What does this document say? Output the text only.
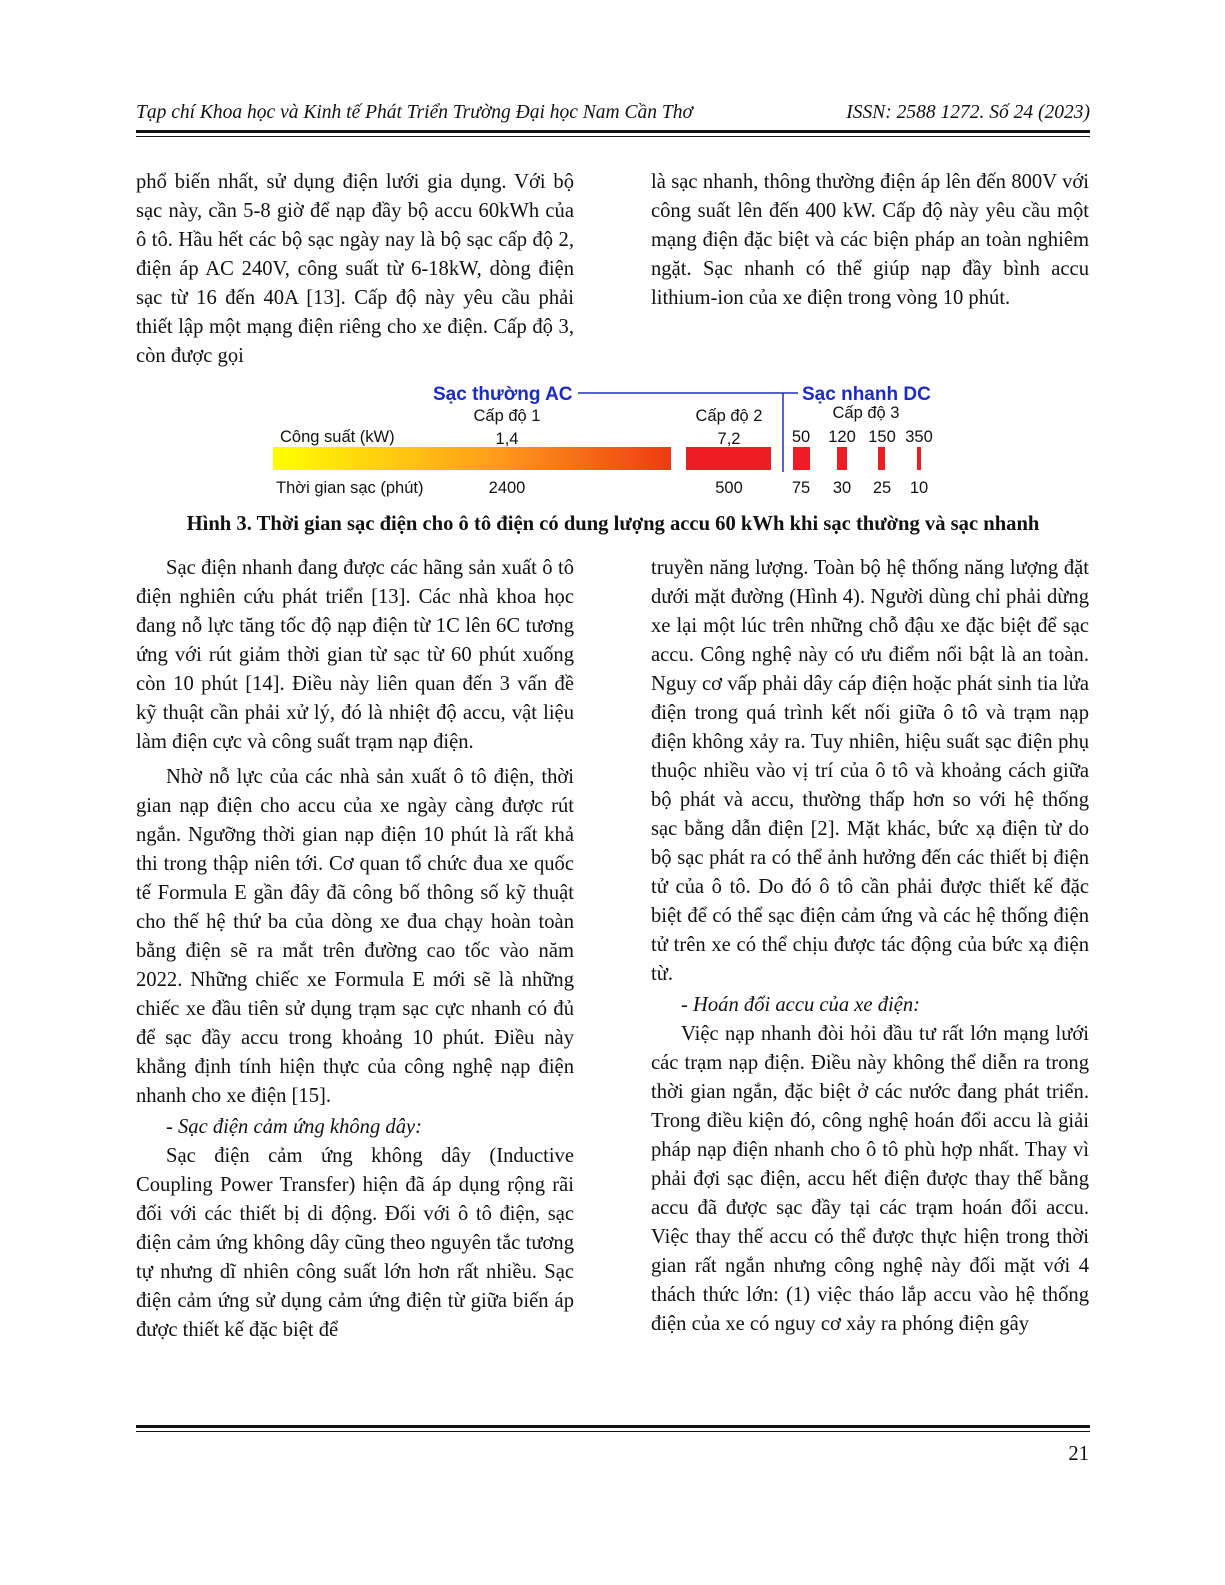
Tạp chí Khoa học và Kinh tế Phát Triển Trường Đại học Nam Cần Thơ	ISSN: 2588 1272. Số 24 (2023)

phổ biến nhất, sử dụng điện lưới gia dụng. Với bộ sạc này, cần 5-8 giờ để nạp đầy bộ accu 60kWh của ô tô. Hầu hết các bộ sạc ngày nay là bộ sạc cấp độ 2, điện áp AC 240V, công suất từ 6-18kW, dòng điện sạc từ 16 đến 40A [13]. Cấp độ này yêu cầu phải thiết lập một mạng điện riêng cho xe điện. Cấp độ 3, còn được gọi

là sạc nhanh, thông thường điện áp lên đến 800V với công suất lên đến 400 kW. Cấp độ này yêu cầu một mạng điện đặc biệt và các biện pháp an toàn nghiêm ngặt. Sạc nhanh có thể giúp nạp đầy bình accu lithium-ion của xe điện trong vòng 10 phút.

Sạc thường AC	Sạc nhanh DC
Công suất (kW)
Thời gian sạc (phút)
Cấp độ 1	Cấp độ 2	Cấp độ 3
1,4
2400
7,2
500
50
75
120
30
150
25
350
10
Hình 3. Thời gian sạc điện cho ô tô điện có dung lượng accu 60 kWh khi sạc thường và sạc nhanh

Sạc điện nhanh đang được các hãng sản xuất ô tô điện nghiên cứu phát triển [13]. Các nhà khoa học đang nỗ lực tăng tốc độ nạp điện từ 1C lên 6C tương ứng với rút giảm thời gian từ sạc từ 60 phút xuống còn 10 phút [14]. Điều này liên quan đến 3 vấn đề kỹ thuật cần phải xử lý, đó là nhiệt độ accu, vật liệu làm điện cực và công suất trạm nạp điện.

Nhờ nỗ lực của các nhà sản xuất ô tô điện, thời gian nạp điện cho accu của xe ngày càng được rút ngắn. Ngưỡng thời gian nạp điện 10 phút là rất khả thi trong thập niên tới. Cơ quan tổ chức đua xe quốc tế Formula E gần đây đã công bố thông số kỹ thuật cho thế hệ thứ ba của dòng xe đua chạy hoàn toàn bằng điện sẽ ra mắt trên đường cao tốc vào năm 2022. Những chiếc xe Formula E mới sẽ là những chiếc xe đầu tiên sử dụng trạm sạc cực nhanh có đủ để sạc đầy accu trong khoảng 10 phút. Điều này khẳng định tính hiện thực của công nghệ nạp điện nhanh cho xe điện [15].

- Sạc điện cảm ứng không dây:

Sạc điện cảm ứng không dây (Inductive Coupling Power Transfer) hiện đã áp dụng rộng rãi đối với các thiết bị di động. Đối với ô tô điện, sạc điện cảm ứng không dây cũng theo nguyên tắc tương tự nhưng dĩ nhiên công suất lớn hơn rất nhiều. Sạc điện cảm ứng sử dụng cảm ứng điện từ giữa biến áp được thiết kế đặc biệt để

truyền năng lượng. Toàn bộ hệ thống năng lượng đặt dưới mặt đường (Hình 4). Người dùng chỉ phải dừng xe lại một lúc trên những chỗ đậu xe đặc biệt để sạc accu. Công nghệ này có ưu điểm nổi bật là an toàn. Nguy cơ vấp phải dây cáp điện hoặc phát sinh tia lửa điện trong quá trình kết nối giữa ô tô và trạm nạp điện không xảy ra. Tuy nhiên, hiệu suất sạc điện phụ thuộc nhiều vào vị trí của ô tô và khoảng cách giữa bộ phát và accu, thường thấp hơn so với hệ thống sạc bằng dẫn điện [2]. Mặt khác, bức xạ điện từ do bộ sạc phát ra có thể ảnh hưởng đến các thiết bị điện tử của ô tô. Do đó ô tô cần phải được thiết kế đặc biệt để có thể sạc điện cảm ứng và các hệ thống điện tử trên xe có thể chịu được tác động của bức xạ điện từ.

- Hoán đổi accu của xe điện:

Việc nạp nhanh đòi hỏi đầu tư rất lớn mạng lưới các trạm nạp điện. Điều này không thể diễn ra trong thời gian ngắn, đặc biệt ở các nước đang phát triển. Trong điều kiện đó, công nghệ hoán đổi accu là giải pháp nạp điện nhanh cho ô tô phù hợp nhất. Thay vì phải đợi sạc điện, accu hết điện được thay thế bằng accu đã được sạc đầy tại các trạm hoán đổi accu. Việc thay thế accu có thể được thực hiện trong thời gian rất ngắn nhưng công nghệ này đối mặt với 4 thách thức lớn: (1) việc tháo lắp accu vào hệ thống điện của xe có nguy cơ xảy ra phóng điện gây

21
